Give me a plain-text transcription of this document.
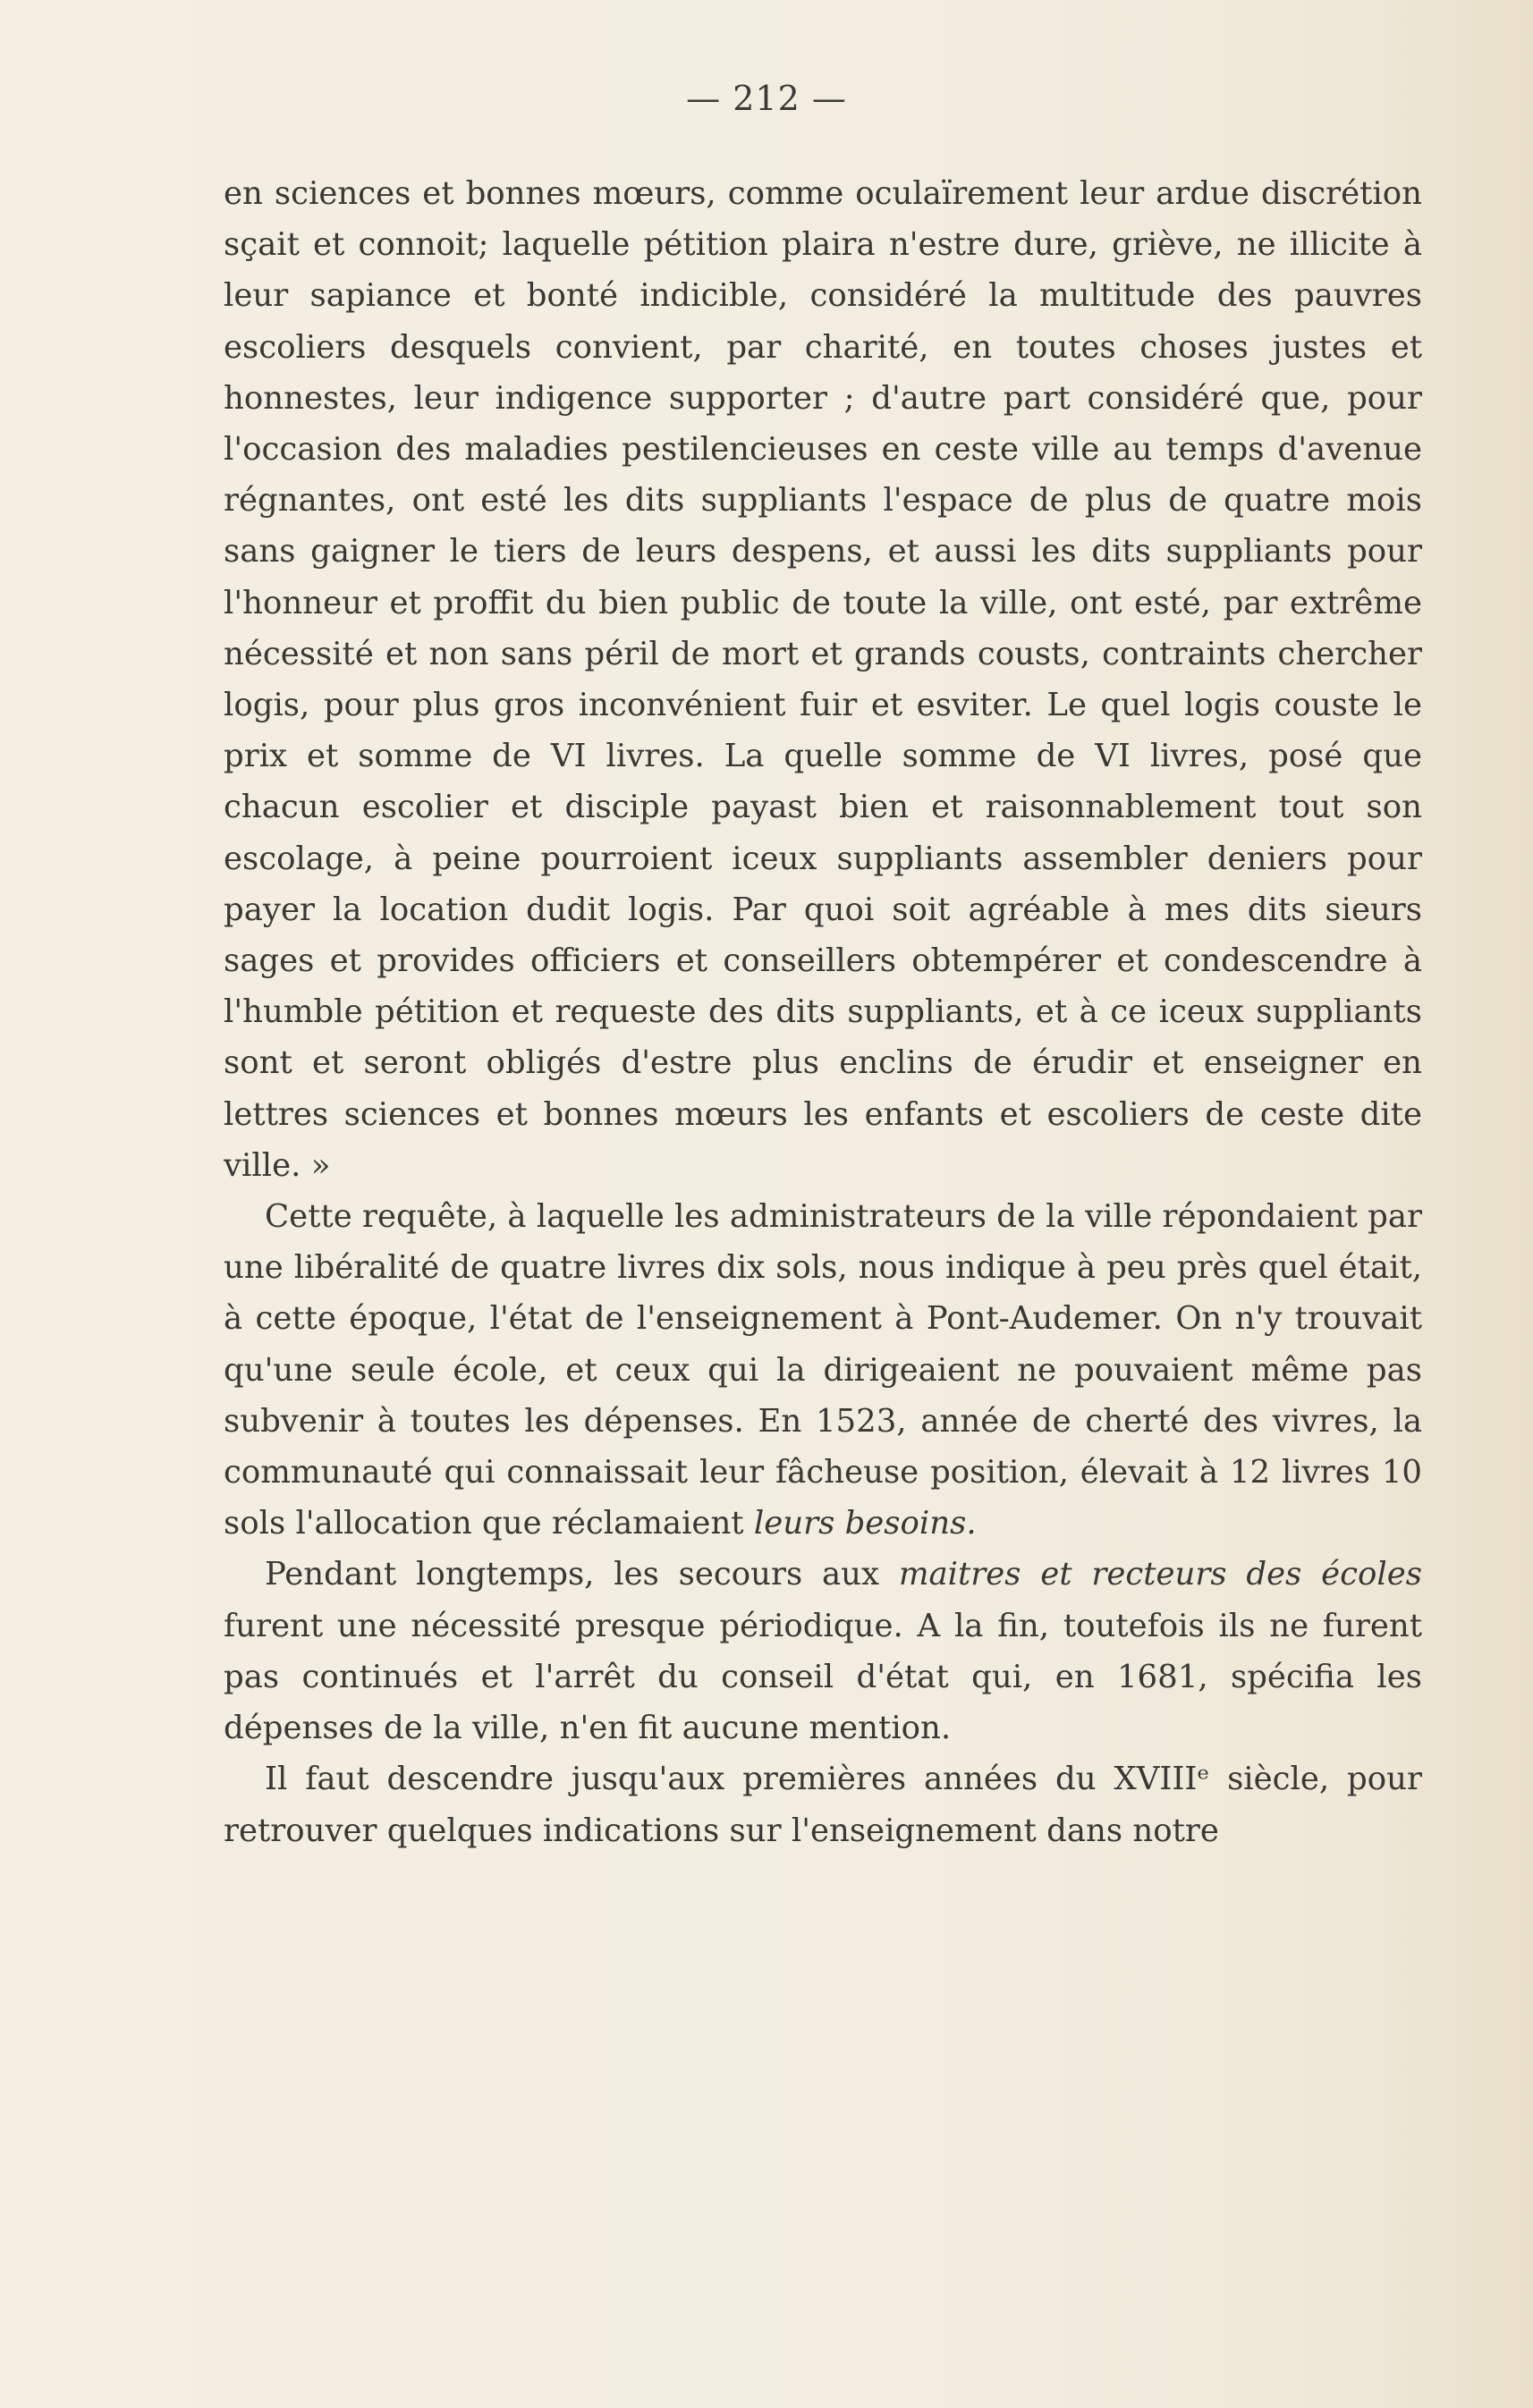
— 212 —

en sciences et bonnes mœurs, comme oculaïrement leur ardue discrétion sçait et connoit; laquelle pétition plaira n'estre dure, griève, ne illicite à leur sapiance et bonté indicible, considéré la multitude des pauvres escoliers desquels convient, par charité, en toutes choses justes et honnestes, leur indigence supporter ; d'autre part considéré que, pour l'occasion des maladies pestilencieuses en ceste ville au temps d'avenue régnantes, ont esté les dits suppliants l'espace de plus de quatre mois sans gaigner le tiers de leurs despens, et aussi les dits suppliants pour l'honneur et proffit du bien public de toute la ville, ont esté, par extrême nécessité et non sans péril de mort et grands cousts, contraints chercher logis, pour plus gros inconvénient fuir et esviter. Le quel logis couste le prix et somme de VI livres. La quelle somme de VI livres, posé que chacun escolier et disciple payast bien et raisonnablement tout son escolage, à peine pourroient iceux suppliants assembler deniers pour payer la location dudit logis. Par quoi soit agréable à mes dits sieurs sages et provides officiers et conseillers obtempérer et condescendre à l'humble pétition et requeste des dits suppliants, et à ce iceux suppliants sont et seront obligés d'estre plus enclins de érudir et enseigner en lettres sciences et bonnes mœurs les enfants et escoliers de ceste dite ville. »

Cette requête, à laquelle les administrateurs de la ville répondaient par une libéralité de quatre livres dix sols, nous indique à peu près quel était, à cette époque, l'état de l'enseignement à Pont-Audemer. On n'y trouvait qu'une seule école, et ceux qui la dirigeaient ne pouvaient même pas subvenir à toutes les dépenses. En 1523, année de cherté des vivres, la communauté qui connaissait leur fâcheuse position, élevait à 12 livres 10 sols l'allocation que réclamaient leurs besoins.

Pendant longtemps, les secours aux maitres et recteurs des écoles furent une nécessité presque périodique. A la fin, toutefois ils ne furent pas continués et l'arrêt du conseil d'état qui, en 1681, spécifia les dépenses de la ville, n'en fit aucune mention.

Il faut descendre jusqu'aux premières années du XVIIIᵉ siècle, pour retrouver quelques indications sur l'enseignement dans notre
